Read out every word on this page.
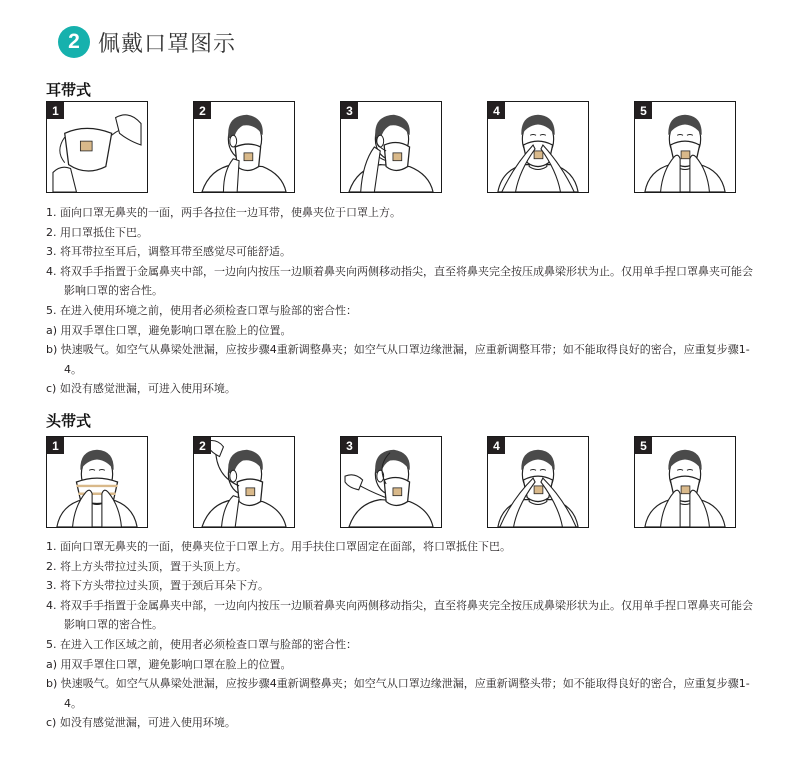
2 佩戴口罩图示
耳带式
1	2	3	4	5
1. 面向口罩无鼻夹的一面，两手各拉住一边耳带，使鼻夹位于口罩上方。
2. 用口罩抵住下巴。
3. 将耳带拉至耳后，调整耳带至感觉尽可能舒适。
4. 将双手手指置于金属鼻夹中部，一边向内按压一边顺着鼻夹向两侧移动指尖，直至将鼻夹完全按压成鼻梁形状为止。仅用单手捏口罩鼻夹可能会影响口罩的密合性。
5. 在进入使用环境之前，使用者必须检查口罩与脸部的密合性：
a) 用双手罩住口罩，避免影响口罩在脸上的位置。
b) 快速吸气。如空气从鼻梁处泄漏，应按步骤4重新调整鼻夹；如空气从口罩边缘泄漏，应重新调整耳带；如不能取得良好的密合，应重复步骤1-4。
c) 如没有感觉泄漏，可进入使用环境。
头带式
1	2	3	4	5
1. 面向口罩无鼻夹的一面，使鼻夹位于口罩上方。用手扶住口罩固定在面部，将口罩抵住下巴。
2. 将上方头带拉过头顶，置于头顶上方。
3. 将下方头带拉过头顶，置于颈后耳朵下方。
4. 将双手手指置于金属鼻夹中部，一边向内按压一边顺着鼻夹向两侧移动指尖，直至将鼻夹完全按压成鼻梁形状为止。仅用单手捏口罩鼻夹可能会影响口罩的密合性。
5. 在进入工作区域之前，使用者必须检查口罩与脸部的密合性：
a) 用双手罩住口罩，避免影响口罩在脸上的位置。
b) 快速吸气。如空气从鼻梁处泄漏，应按步骤4重新调整鼻夹；如空气从口罩边缘泄漏，应重新调整头带；如不能取得良好的密合，应重复步骤1-4。
c) 如没有感觉泄漏，可进入使用环境。
